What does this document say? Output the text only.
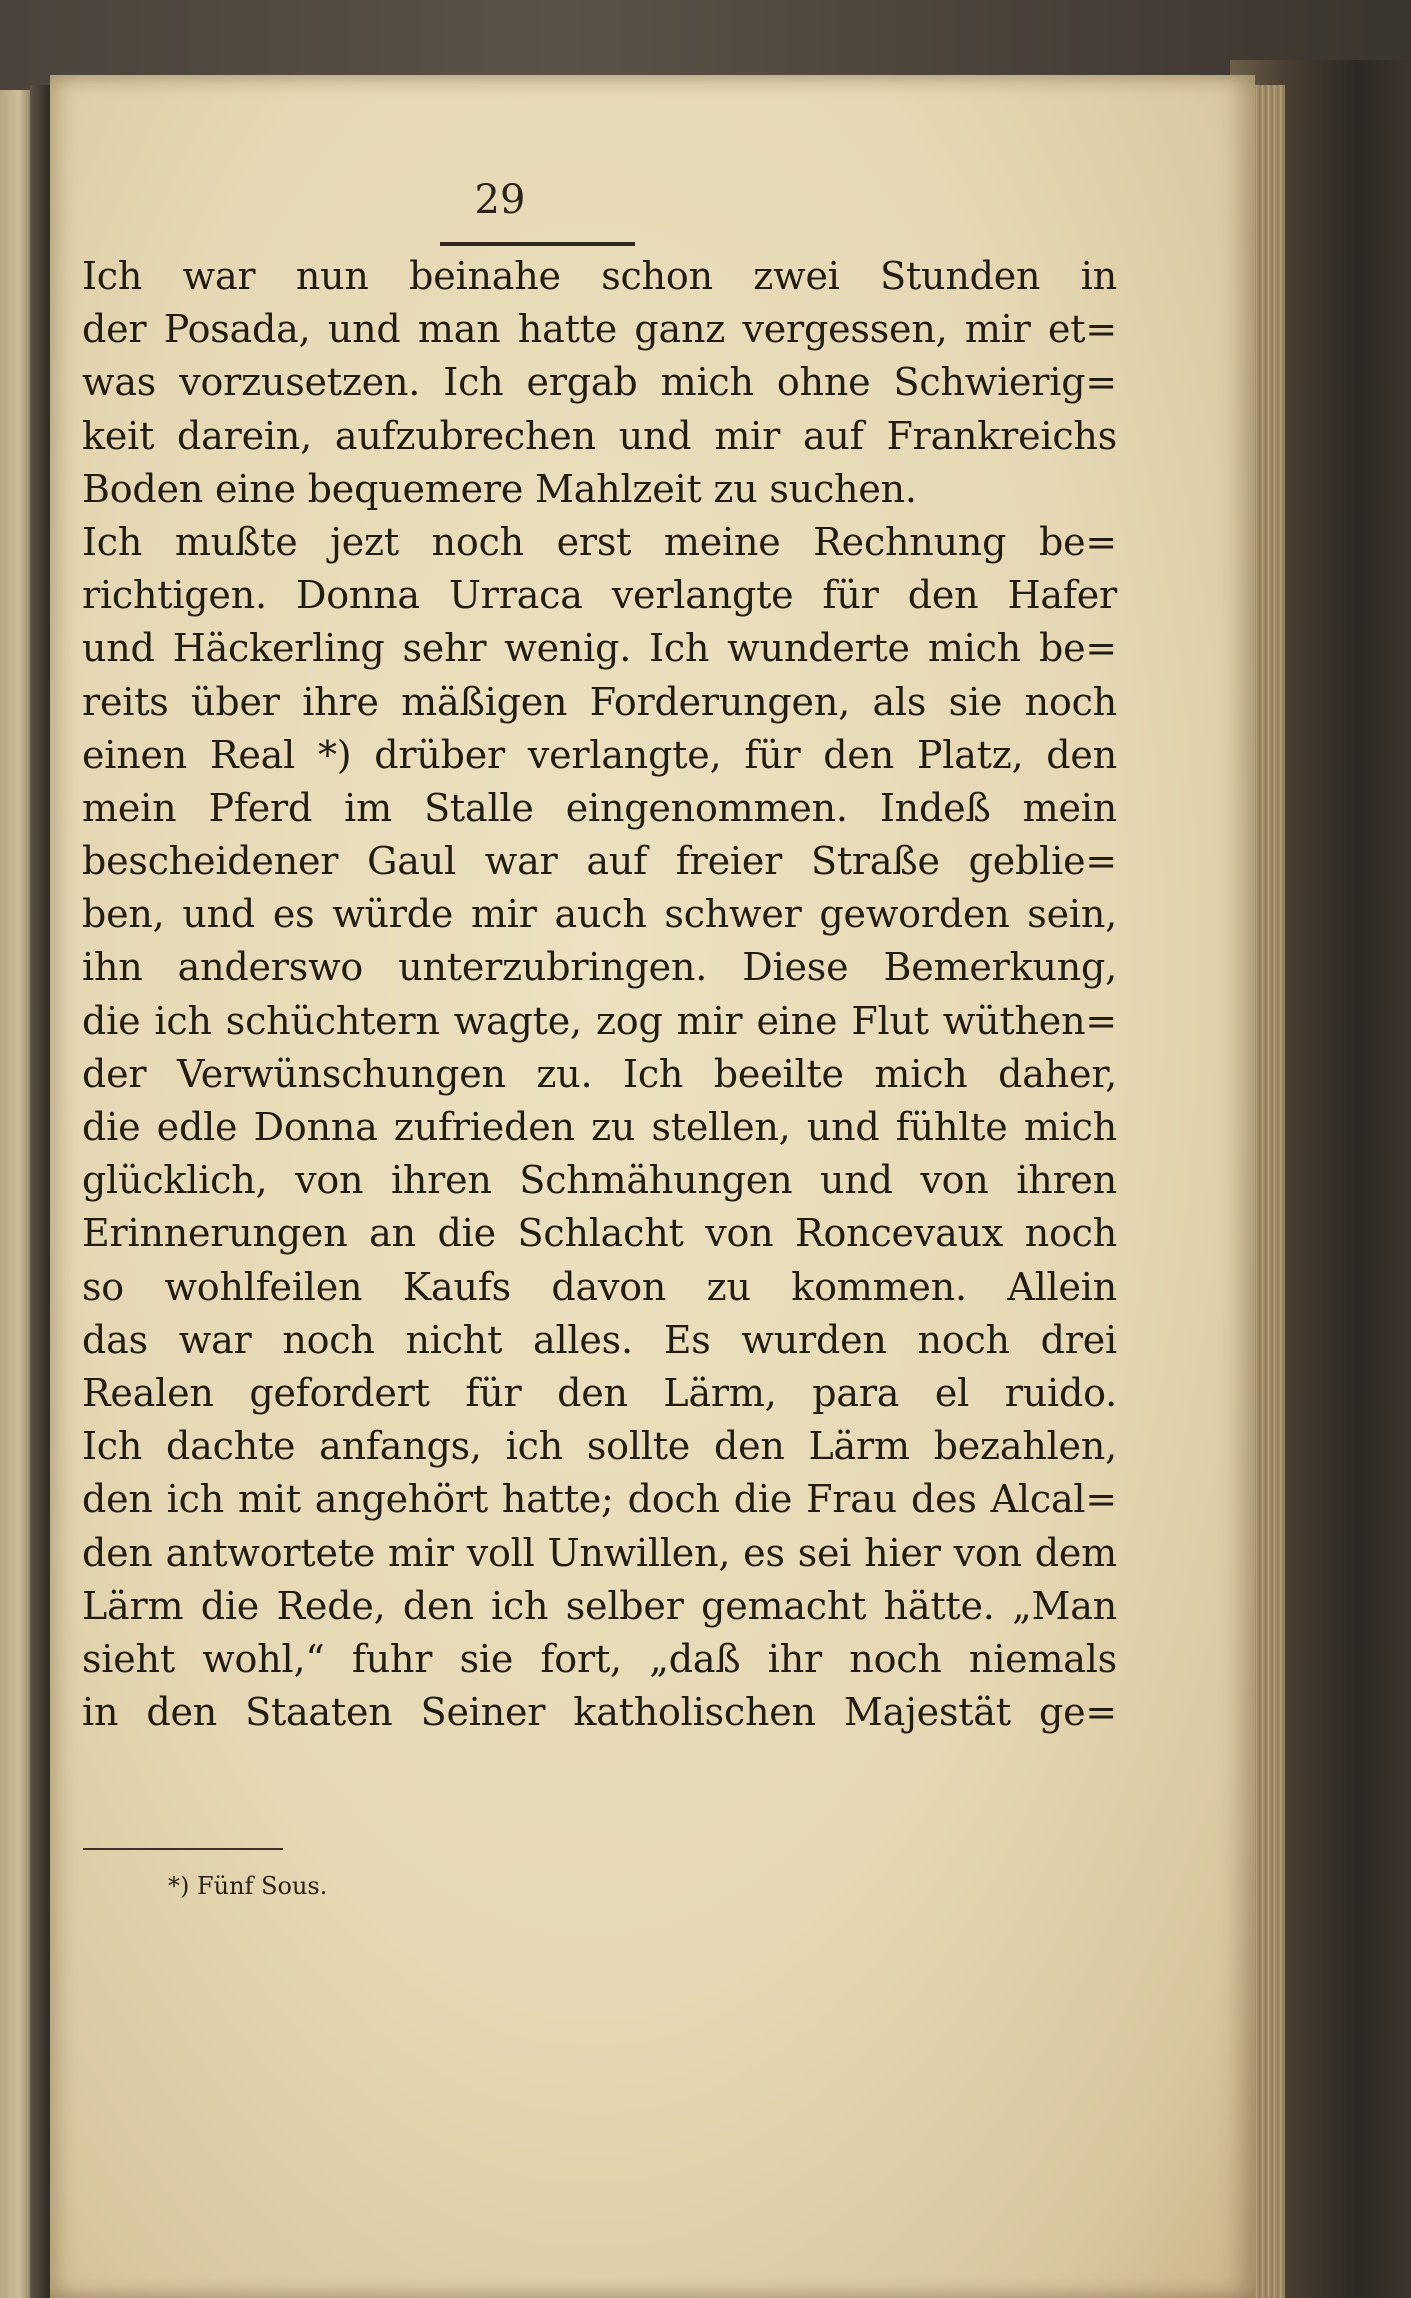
29
Ich war nun beinahe schon zwei Stunden in
der Posada, und man hatte ganz vergessen, mir et=
was vorzusetzen. Ich ergab mich ohne Schwierig=
keit darein, aufzubrechen und mir auf Frankreichs
Boden eine bequemere Mahlzeit zu suchen.
Ich mußte jezt noch erst meine Rechnung be=
richtigen. Donna Urraca verlangte für den Hafer
und Häckerling sehr wenig. Ich wunderte mich be=
reits über ihre mäßigen Forderungen, als sie noch
einen Real *) drüber verlangte, für den Platz, den
mein Pferd im Stalle eingenommen. Indeß mein
bescheidener Gaul war auf freier Straße geblie=
ben, und es würde mir auch schwer geworden sein,
ihn anderswo unterzubringen. Diese Bemerkung,
die ich schüchtern wagte, zog mir eine Flut wüthen=
der Verwünschungen zu. Ich beeilte mich daher,
die edle Donna zufrieden zu stellen, und fühlte mich
glücklich, von ihren Schmähungen und von ihren
Erinnerungen an die Schlacht von Roncevaux noch
so wohlfeilen Kaufs davon zu kommen. Allein
das war noch nicht alles. Es wurden noch drei
Realen gefordert für den Lärm, para el ruido.
Ich dachte anfangs, ich sollte den Lärm bezahlen,
den ich mit angehört hatte; doch die Frau des Alcal=
den antwortete mir voll Unwillen, es sei hier von dem
Lärm die Rede, den ich selber gemacht hätte. „Man
sieht wohl,“ fuhr sie fort, „daß ihr noch niemals
in den Staaten Seiner katholischen Majestät ge=
*) Fünf Sous.
